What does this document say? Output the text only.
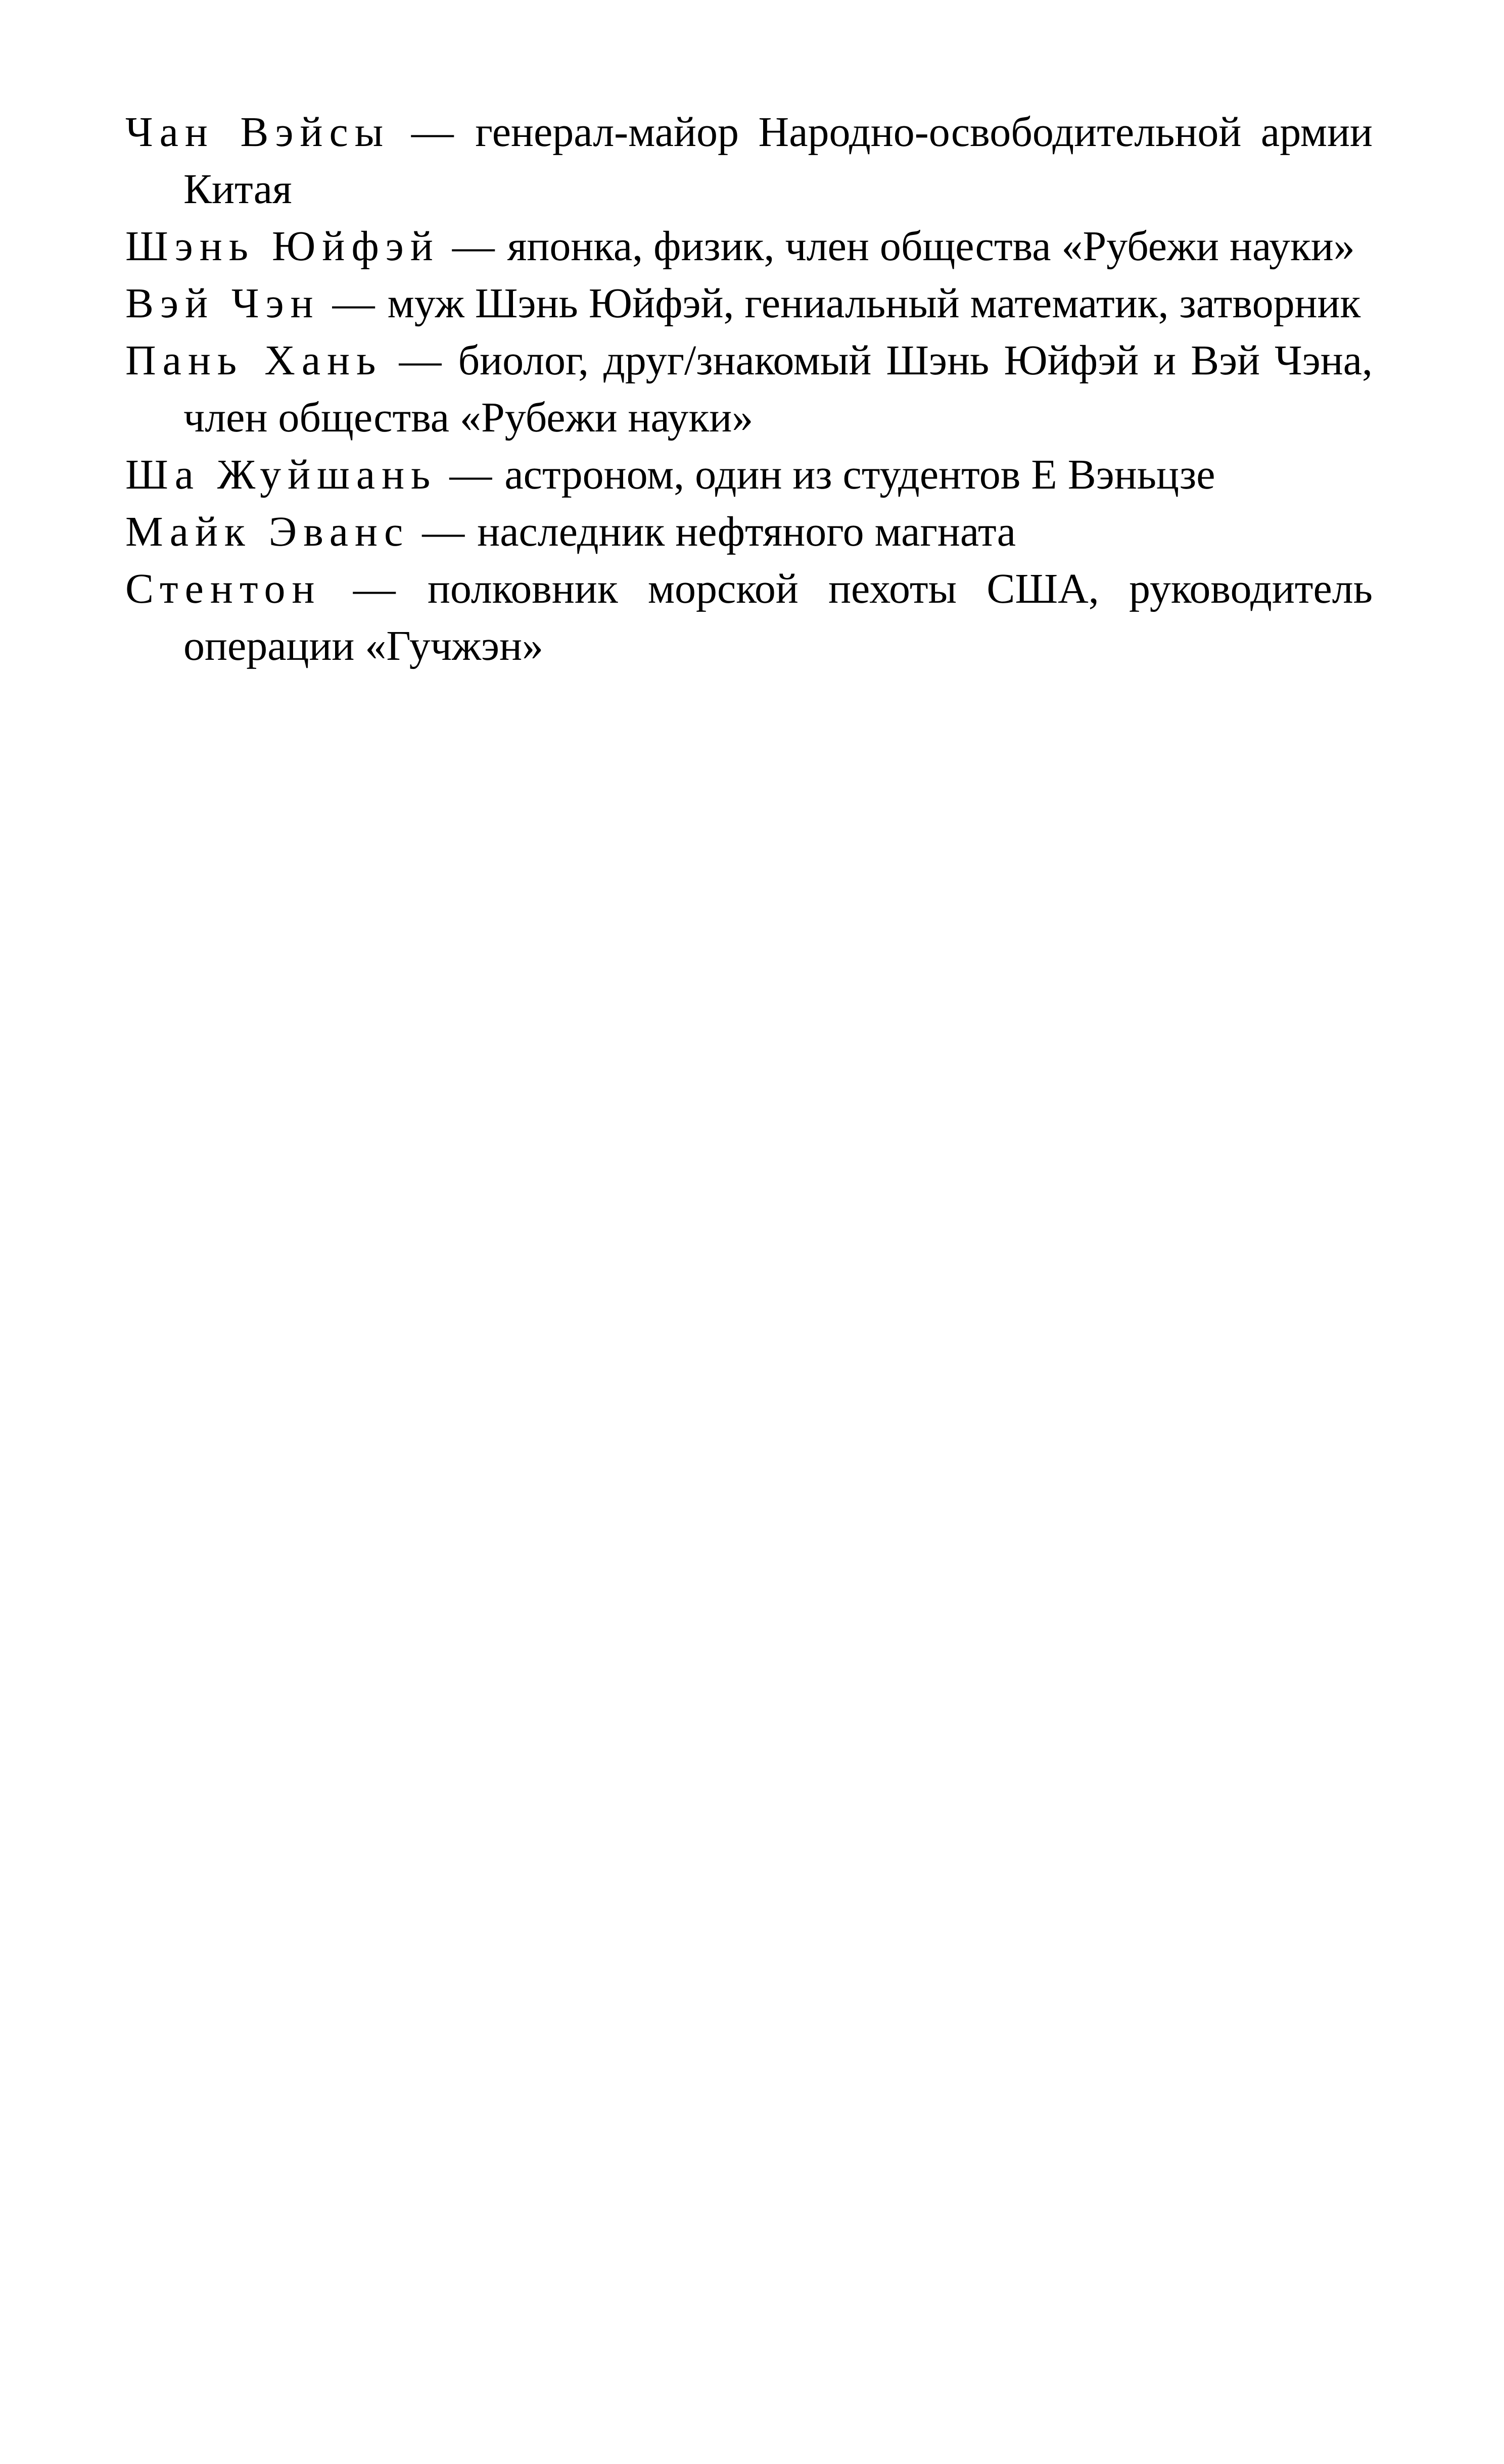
Чан Вэйсы — генерал-майор Народно-освободительной армии Китая

Шэнь Юйфэй — японка, физик, член общества «Рубежи науки»

Вэй Чэн — муж Шэнь Юйфэй, гениальный математик, затворник

Пань Хань — биолог, друг/знакомый Шэнь Юйфэй и Вэй Чэна, член общества «Рубежи науки»

Ша Жуйшань — астроном, один из студентов Е Вэньцзе

Майк Эванс — наследник нефтяного магната

Стентон — полковник морской пехоты США, руководитель операции «Гучжэн»
